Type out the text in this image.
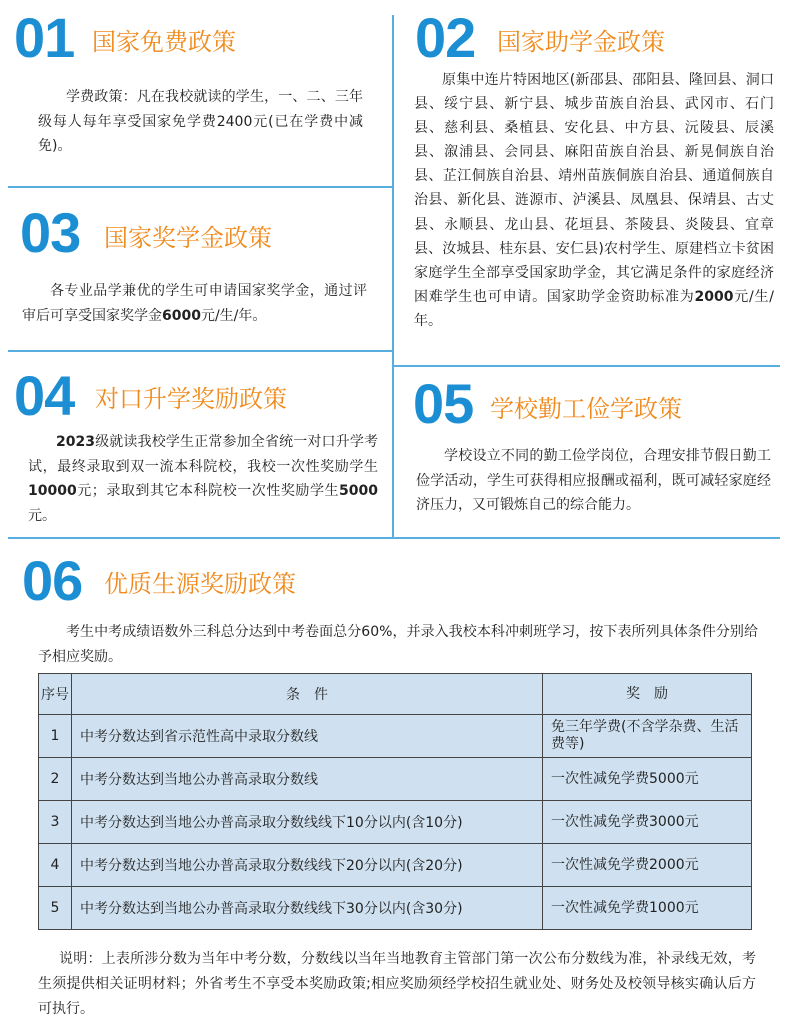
01 国家免费政策
学费政策：凡在我校就读的学生，一、二、三年级每人每年享受国家免学费2400元(已在学费中减免)。
02 国家助学金政策
原集中连片特困地区(新邵县、邵阳县、隆回县、洞口县、绥宁县、新宁县、城步苗族自治县、武冈市、石门县、慈利县、桑植县、安化县、中方县、沅陵县、辰溪县、溆浦县、会同县、麻阳苗族自治县、新晃侗族自治县、芷江侗族自治县、靖州苗族侗族自治县、通道侗族自治县、新化县、涟源市、泸溪县、凤凰县、保靖县、古丈县、永顺县、龙山县、花垣县、茶陵县、炎陵县、宜章县、汝城县、桂东县、安仁县)农村学生、原建档立卡贫困家庭学生全部享受国家助学金，其它满足条件的家庭经济困难学生也可申请。国家助学金资助标准为2000元/生/年。
03 国家奖学金政策
各专业品学兼优的学生可申请国家奖学金，通过评审后可享受国家奖学金6000元/生/年。
04 对口升学奖励政策
2023级就读我校学生正常参加全省统一对口升学考试，最终录取到双一流本科院校，我校一次性奖励学生10000元；录取到其它本科院校一次性奖励学生5000元。
05 学校勤工俭学政策
学校设立不同的勤工俭学岗位，合理安排节假日勤工俭学活动，学生可获得相应报酬或福利，既可减轻家庭经济压力，又可锻炼自己的综合能力。
06 优质生源奖励政策
考生中考成绩语数外三科总分达到中考卷面总分60%，并录入我校本科冲刺班学习，按下表所列具体条件分别给予相应奖励。
序号	条　件	奖　励
1	中考分数达到省示范性高中录取分数线	免三年学费(不含学杂费、生活费等)
2	中考分数达到当地公办普高录取分数线	一次性减免学费5000元
3	中考分数达到当地公办普高录取分数线线下10分以内(含10分)	一次性减免学费3000元
4	中考分数达到当地公办普高录取分数线线下20分以内(含20分)	一次性减免学费2000元
5	中考分数达到当地公办普高录取分数线线下30分以内(含30分)	一次性减免学费1000元
说明：上表所涉分数为当年中考分数，分数线以当年当地教育主管部门第一次公布分数线为准，补录线无效，考生须提供相关证明材料；外省考生不享受本奖励政策;相应奖励须经学校招生就业处、财务处及校领导核实确认后方可执行。
